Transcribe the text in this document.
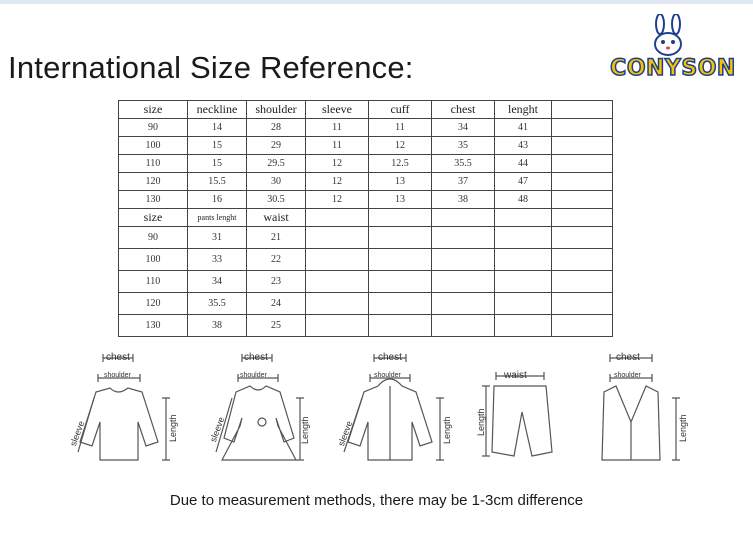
International Size Reference:	CONYSON
size	neckline	shoulder	sleeve	cuff	chest	lenght	
90	14	28	11	11	34	41	
100	15	29	11	12	35	43	
110	15	29.5	12	12.5	35.5	44	
120	15.5	30	12	13	37	47	
130	16	30.5	12	13	38	48	
size	pants lenght	waist					
90	31	21					
100	33	22					
110	34	23					
120	35.5	24					
130	38	25					
chest
shoulder
sleeve	Length
chest
shoulder
sleeve	Length
chest
shoulder
sleeve	Length
waist
Length
chest
shoulder
Length
Due to measurement methods, there may be 1-3cm difference
